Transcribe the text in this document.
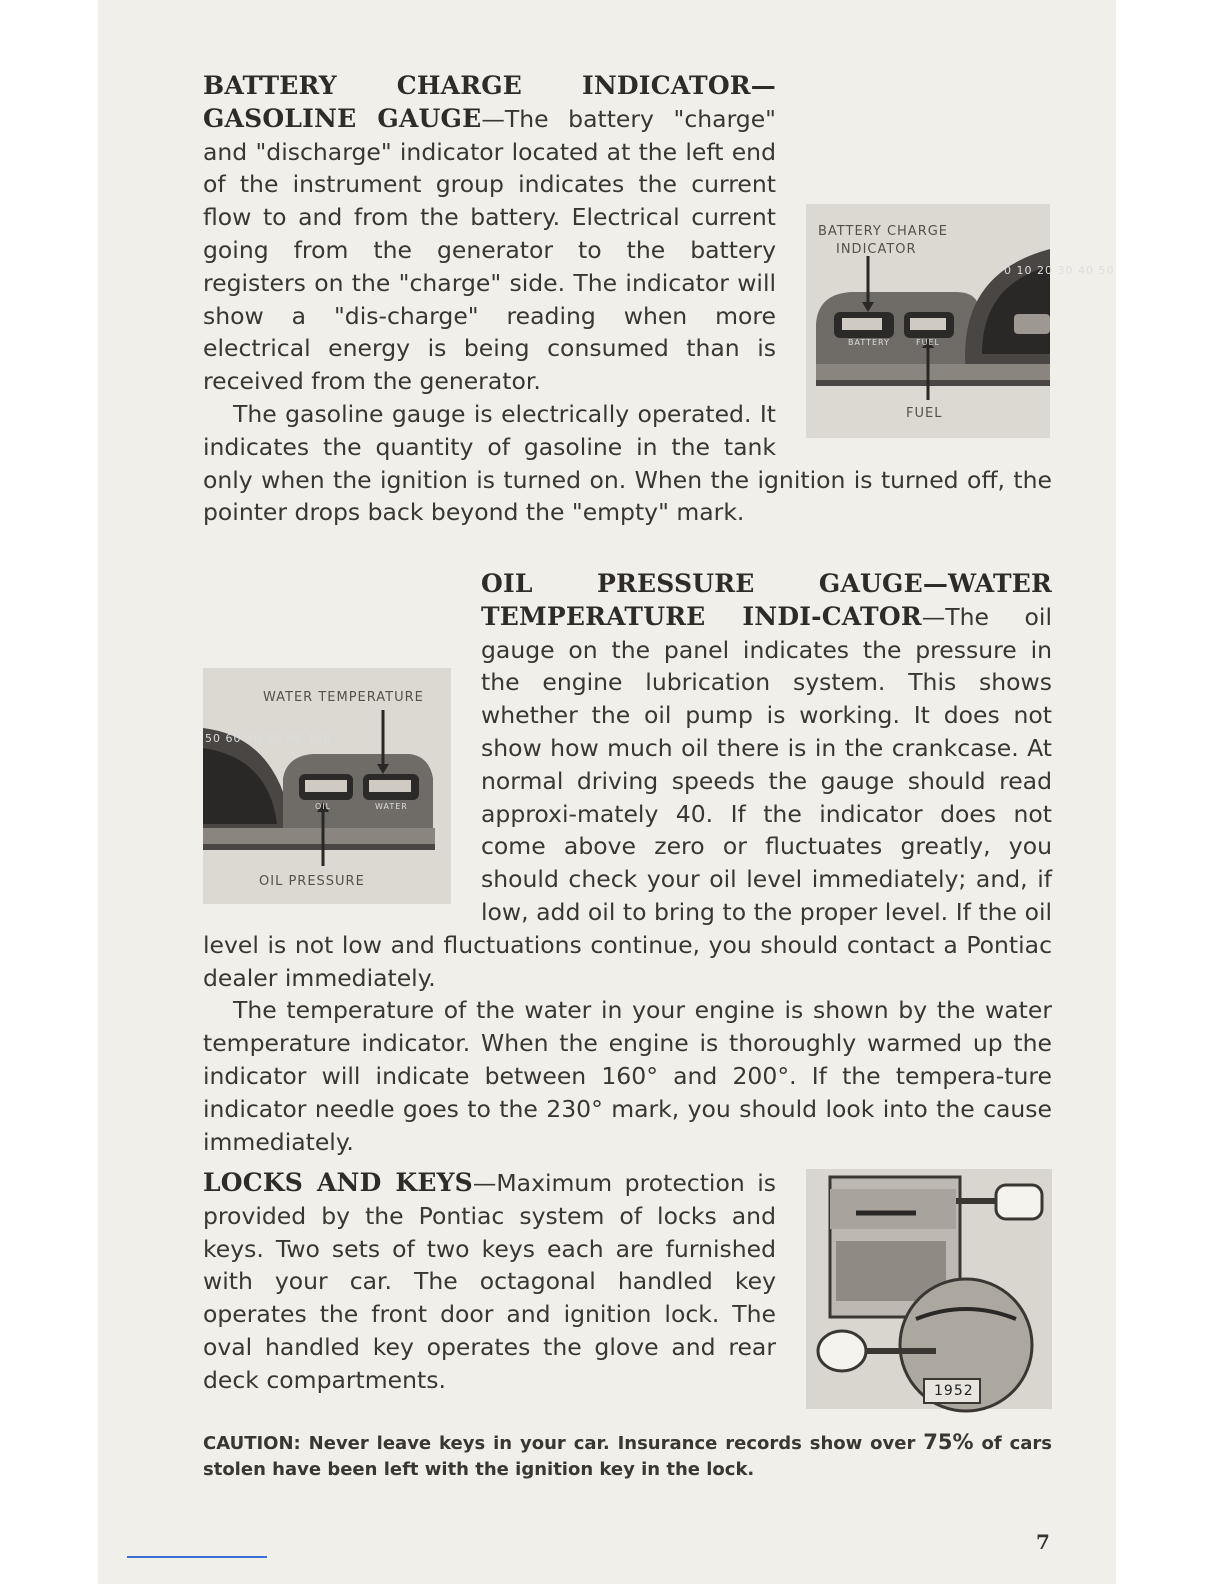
BATTERY CHARGE
INDICATOR
0 10 20 30 40 50
BATTERY	FUEL
FUEL

BATTERY CHARGE INDICATOR—GASOLINE GAUGE—The battery "charge" and "discharge" indicator located at the left end of the instrument group indicates the current flow to and from the battery. Electrical current going from the generator to the battery registers on the "charge" side. The indicator will show a "dis-charge" reading when more electrical energy is being consumed than is received from the generator.

The gasoline gauge is electrically operated. It indicates the quantity of gasoline in the tank only when the ignition is turned on. When the ignition is turned off, the pointer drops back beyond the "empty" mark.

WATER TEMPERATURE
50 60 70 80 90 100
OIL	WATER
OIL PRESSURE

OIL PRESSURE GAUGE—WATER TEMPERATURE INDI-CATOR—The oil gauge on the panel indicates the pressure in the engine lubrication system. This shows whether the oil pump is working. It does not show how much oil there is in the crankcase. At normal driving speeds the gauge should read approxi-mately 40. If the indicator does not come above zero or fluctuates greatly, you should check your oil level immediately; and, if low, add oil to bring to the proper level. If the oil level is not low and fluctuations continue, you should contact a Pontiac dealer immediately.

The temperature of the water in your engine is shown by the water temperature indicator. When the engine is thoroughly warmed up the indicator will indicate between 160° and 200°. If the tempera-ture indicator needle goes to the 230° mark, you should look into the cause immediately.

1952

LOCKS AND KEYS—Maximum protection is provided by the Pontiac system of locks and keys. Two sets of two keys each are furnished with your car. The octagonal handled key operates the front door and ignition lock. The oval handled key operates the glove and rear deck compartments.

CAUTION: Never leave keys in your car. Insurance records show over 75% of cars stolen have been left with the ignition key in the lock.

7
